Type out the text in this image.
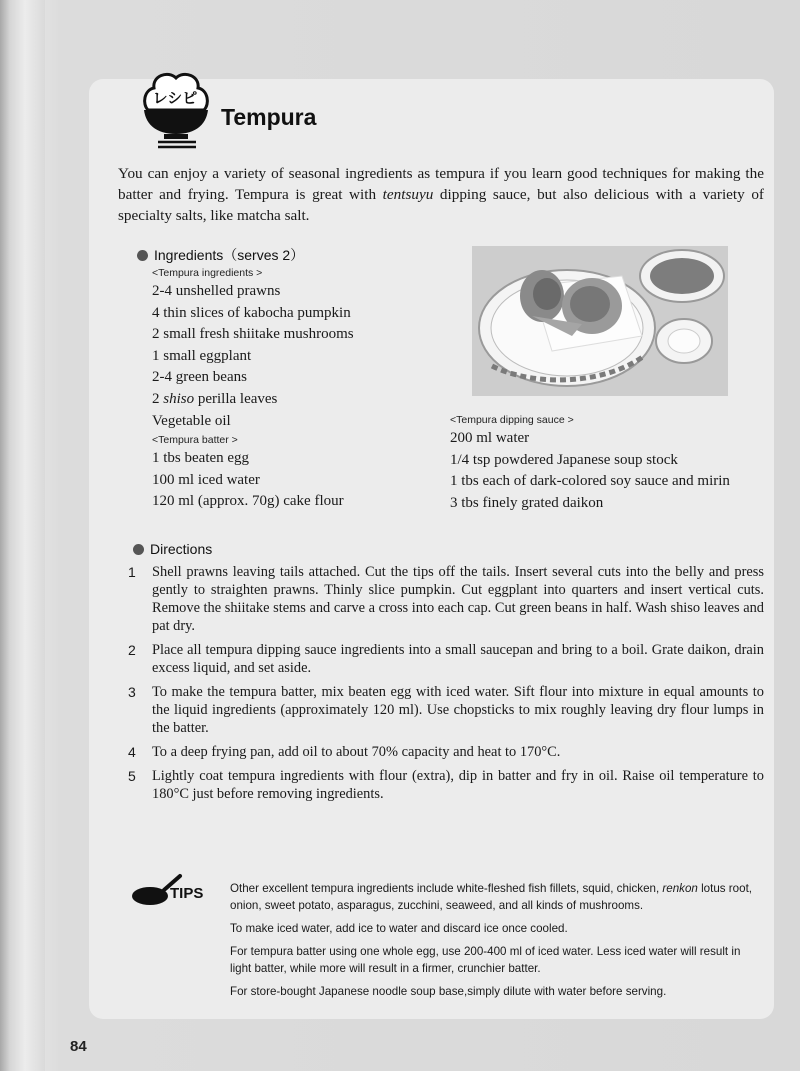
レシピ
Tempura

You can enjoy a variety of seasonal ingredients as tempura if you learn good techniques for making the batter and frying. Tempura is great with tentsuyu dipping sauce, but also delicious with a variety of specialty salts, like matcha salt.

Ingredients（serves 2）
<Tempura ingredients >
2-4 unshelled prawns
4 thin slices of kabocha pumpkin
2 small fresh shiitake mushrooms
1 small eggplant
2-4 green beans
2 shiso perilla leaves
Vegetable oil
<Tempura batter >
1 tbs beaten egg
100 ml iced water
120 ml (approx. 70g) cake flour
<Tempura dipping sauce >
200 ml water
1/4 tsp powdered Japanese soup stock
1 tbs each of dark-colored soy sauce and mirin
3 tbs finely grated daikon
Directions
1	Shell prawns leaving tails attached. Cut the tips off the tails. Insert several cuts into the belly and press gently to straighten prawns. Thinly slice pumpkin. Cut eggplant into quarters and insert vertical cuts. Remove the shiitake stems and carve a cross into each cap. Cut green beans in half. Wash shiso leaves and pat dry.
2	Place all tempura dipping sauce ingredients into a small saucepan and bring to a boil. Grate daikon, drain excess liquid, and set aside.
3	To make the tempura batter, mix beaten egg with iced water. Sift flour into mixture in equal amounts to the liquid ingredients (approximately 120 ml). Use chopsticks to mix roughly leaving dry flour lumps in the batter.
4	To a deep frying pan, add oil to about 70% capacity and heat to 170°C.
5	Lightly coat tempura ingredients with flour (extra), dip in batter and fry in oil. Raise oil temperature to 180°C just before removing ingredients.
TIPS Other excellent tempura ingredients include white-fleshed fish fillets, squid, chicken, renkon lotus root, onion, sweet potato, asparagus, zucchini, seaweed, and all kinds of mushrooms.
To make iced water, add ice to water and discard ice once cooled.
For tempura batter using one whole egg, use 200-400 ml of iced water. Less iced water will result in light batter, while more will result in a firmer, crunchier batter.
For store-bought Japanese noodle soup base,simply dilute with water before serving.
84
